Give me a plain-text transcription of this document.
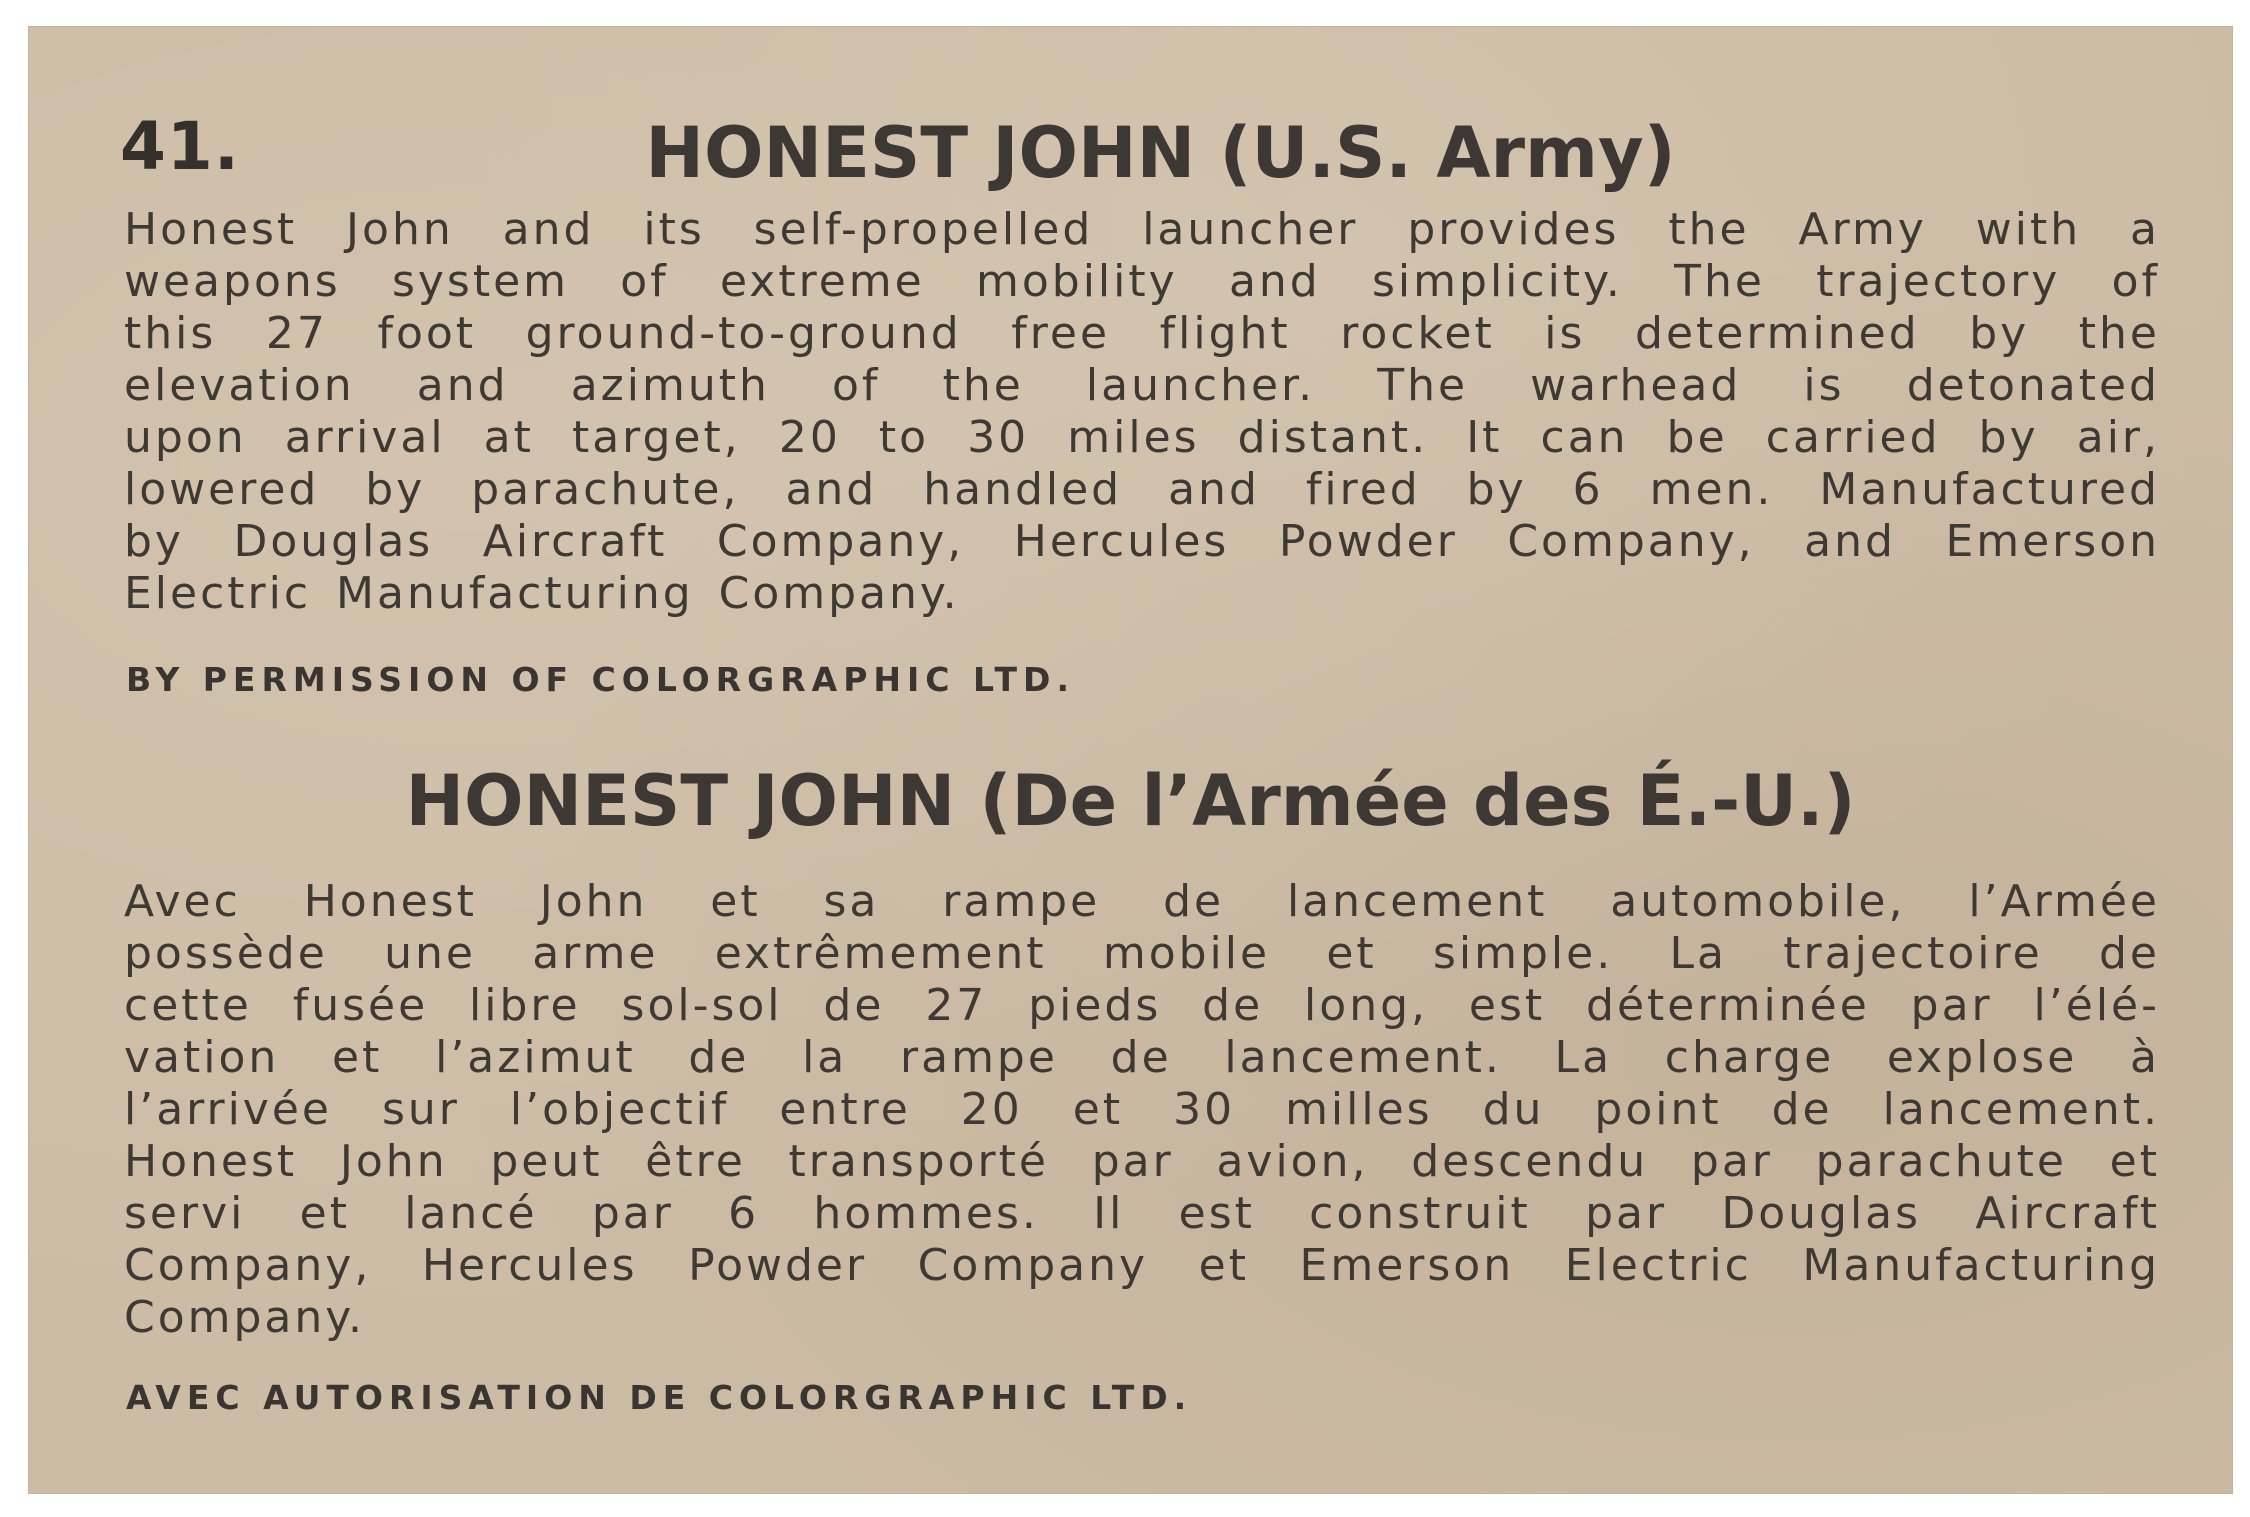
41.	HONEST JOHN (U.S. Army)
Honest John and its self-propelled launcher provides the Army with a
weapons system of extreme mobility and simplicity. The trajectory of
this 27 foot ground-to-ground free flight rocket is determined by the
elevation and azimuth of the launcher. The warhead is detonated
upon arrival at target, 20 to 30 miles distant. It can be carried by air,
lowered by parachute, and handled and fired by 6 men. Manufactured
by Douglas Aircraft Company, Hercules Powder Company, and Emerson
Electric Manufacturing Company.
BY PERMISSION OF COLORGRAPHIC LTD.
HONEST JOHN (De l’Armée des É.-U.)
Avec Honest John et sa rampe de lancement automobile, l’Armée
possède une arme extrêmement mobile et simple. La trajectoire de
cette fusée libre sol-sol de 27 pieds de long, est déterminée par l’élé-
vation et l’azimut de la rampe de lancement. La charge explose à
l’arrivée sur l’objectif entre 20 et 30 milles du point de lancement.
Honest John peut être transporté par avion, descendu par parachute et
servi et lancé par 6 hommes. Il est construit par Douglas Aircraft
Company, Hercules Powder Company et Emerson Electric Manufacturing
Company.
AVEC AUTORISATION DE COLORGRAPHIC LTD.
